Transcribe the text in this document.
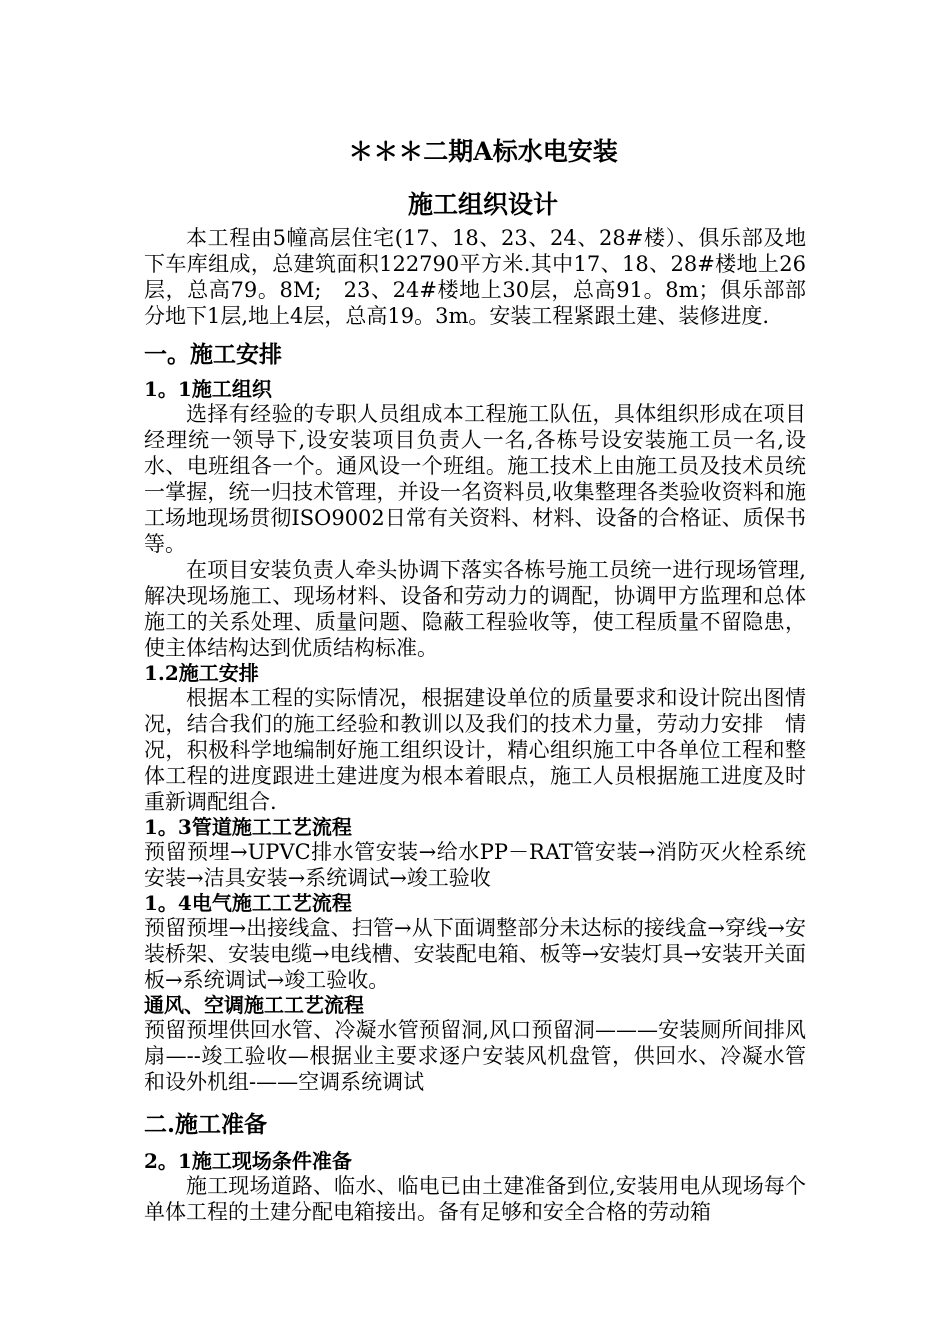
＊＊＊二期A标水电安装
施工组织设计

本工程由5幢高层住宅(17、18、23、24、28#楼）、俱乐部及地下车库组成，总建筑面积122790平方米.其中17、18、28#楼地上26层，总高79。8M;　23、24#楼地上30层，总高91。8m；俱乐部部分地下1层,地上4层，总高19。3m。安装工程紧跟土建、装修进度.

一。施工安排
1。1施工组织

选择有经验的专职人员组成本工程施工队伍，具体组织形成在项目经理统一领导下,设安装项目负责人一名,各栋号设安装施工员一名,设水、电班组各一个。通风设一个班组。施工技术上由施工员及技术员统一掌握，统一归技术管理，并设一名资料员,收集整理各类验收资料和施工场地现场贯彻ISO9002日常有关资料、材料、设备的合格证、质保书等。

在项目安装负责人牵头协调下落实各栋号施工员统一进行现场管理,解决现场施工、现场材料、设备和劳动力的调配，协调甲方监理和总体施工的关系处理、质量问题、隐蔽工程验收等，使工程质量不留隐患，使主体结构达到优质结构标准。

1.2施工安排

根据本工程的实际情况，根据建设单位的质量要求和设计院出图情况，结合我们的施工经验和教训以及我们的技术力量，劳动力安排　情况，积极科学地编制好施工组织设计，精心组织施工中各单位工程和整体工程的进度跟进土建进度为根本着眼点，施工人员根据施工进度及时重新调配组合.

1。3管道施工工艺流程

预留预埋→UPVC排水管安装→给水PP－RAT管安装→消防灭火栓系统安装→洁具安装→系统调试→竣工验收

1。4电气施工工艺流程

预留预埋→出接线盒、扫管→从下面调整部分未达标的接线盒→穿线→安装桥架、安装电缆→电线槽、安装配电箱、板等→安装灯具→安装开关面板→系统调试→竣工验收。

通风、空调施工工艺流程

预留预埋供回水管、冷凝水管预留洞,风口预留洞———安装厕所间排风扇—--竣工验收—根据业主要求逐户安装风机盘管，供回水、冷凝水管和设外机组-——空调系统调试

二.施工准备
2。1施工现场条件准备

施工现场道路、临水、临电已由土建准备到位,安装用电从现场每个单体工程的土建分配电箱接出。备有足够和安全合格的劳动箱
